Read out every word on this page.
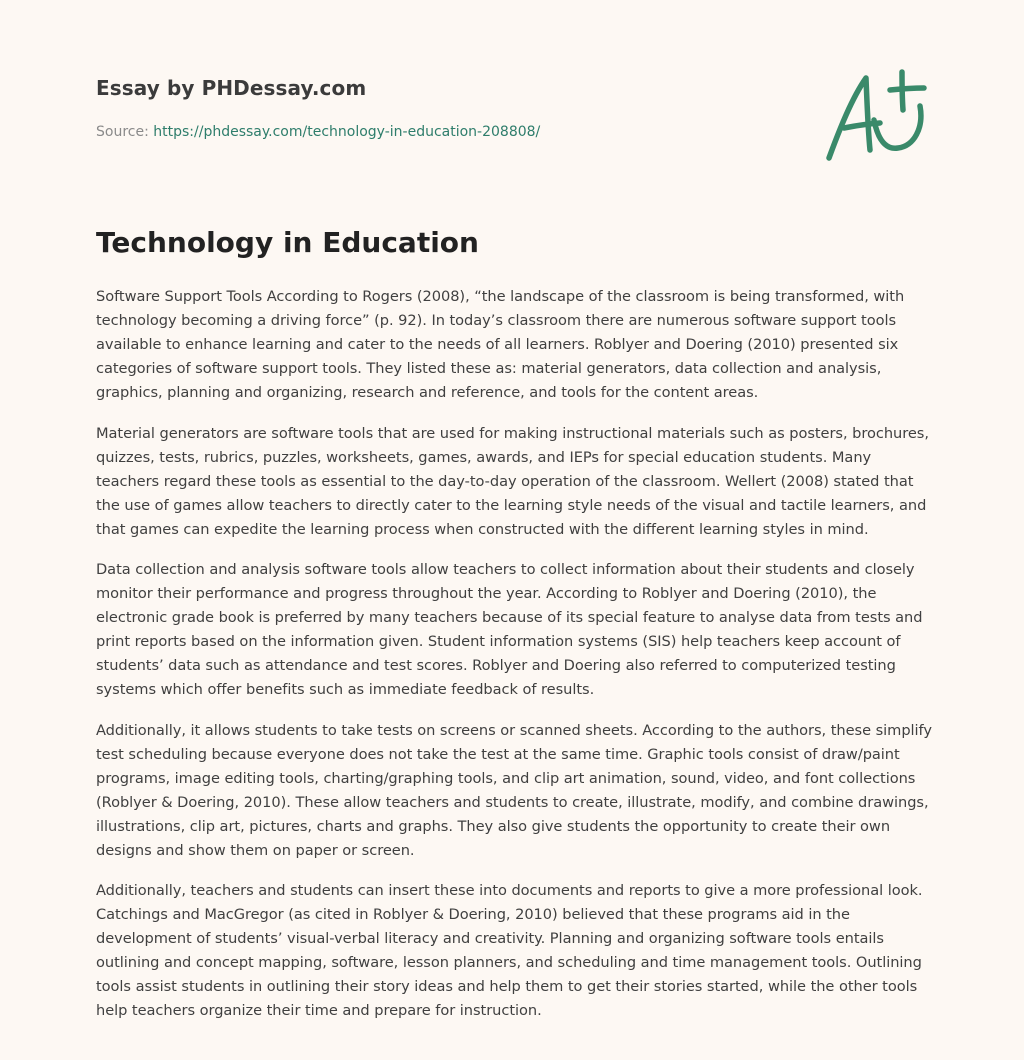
Essay by PHDessay.com
Source: https://phdessay.com/technology-in-education-208808/
Technology in Education

Software Support Tools According to Rogers (2008), “the landscape of the classroom is being transformed, with technology becoming a driving force” (p. 92). In today’s classroom there are numerous software support tools available to enhance learning and cater to the needs of all learners. Roblyer and Doering (2010) presented six categories of software support tools. They listed these as: material generators, data collection and analysis, graphics, planning and organizing, research and reference, and tools for the content areas.

Material generators are software tools that are used for making instructional materials such as posters, brochures, quizzes, tests, rubrics, puzzles, worksheets, games, awards, and IEPs for special education students. Many teachers regard these tools as essential to the day-to-day operation of the classroom. Wellert (2008) stated that the use of games allow teachers to directly cater to the learning style needs of the visual and tactile learners, and that games can expedite the learning process when constructed with the different learning styles in mind.

Data collection and analysis software tools allow teachers to collect information about their students and closely monitor their performance and progress throughout the year. According to Roblyer and Doering (2010), the electronic grade book is preferred by many teachers because of its special feature to analyse data from tests and print reports based on the information given. Student information systems (SIS) help teachers keep account of students’ data such as attendance and test scores. Roblyer and Doering also referred to computerized testing systems which offer benefits such as immediate feedback of results.

Additionally, it allows students to take tests on screens or scanned sheets. According to the authors, these simplify test scheduling because everyone does not take the test at the same time. Graphic tools consist of draw/paint programs, image editing tools, charting/graphing tools, and clip art animation, sound, video, and font collections (Roblyer & Doering, 2010). These allow teachers and students to create, illustrate, modify, and combine drawings, illustrations, clip art, pictures, charts and graphs. They also give students the opportunity to create their own designs and show them on paper or screen.

Additionally, teachers and students can insert these into documents and reports to give a more professional look. Catchings and MacGregor (as cited in Roblyer & Doering, 2010) believed that these programs aid in the development of students’ visual-verbal literacy and creativity. Planning and organizing software tools entails outlining and concept mapping, software, lesson planners, and scheduling and time management tools. Outlining tools assist students in outlining their story ideas and help them to get their stories started, while the other tools help teachers organize their time and prepare for instruction.
